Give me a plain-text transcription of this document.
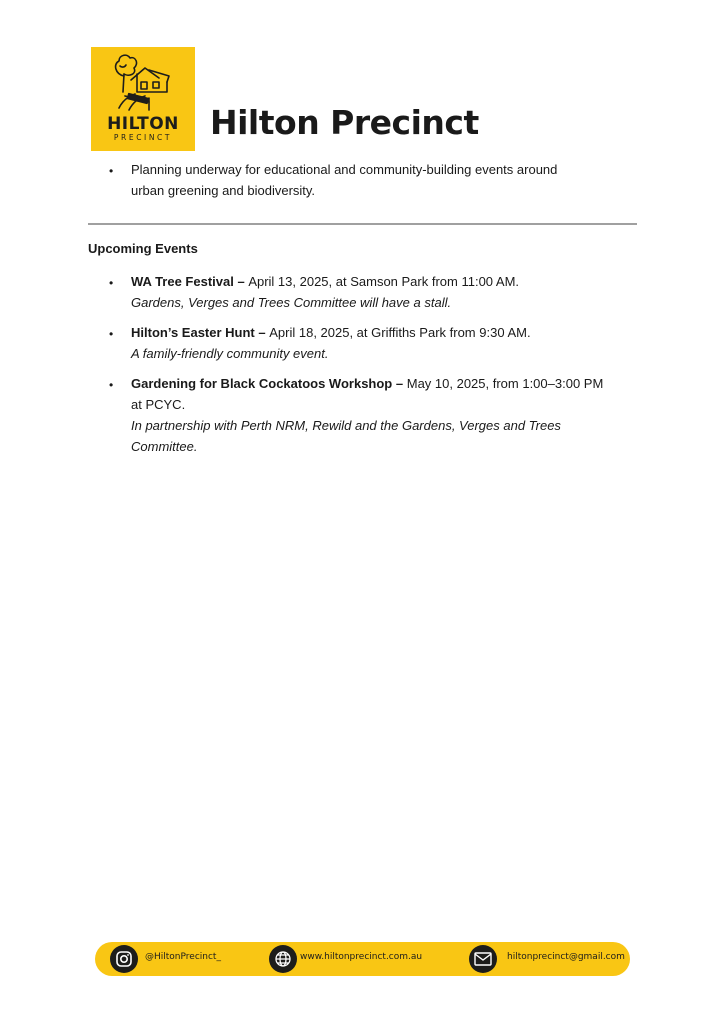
HILTON
PRECINCT	Hilton Precinct
• Planning underway for educational and community-building events around
urban greening and biodiversity.
Upcoming Events
• WA Tree Festival – April 13, 2025, at Samson Park from 11:00 AM.
Gardens, Verges and Trees Committee will have a stall.
• Hilton’s Easter Hunt – April 18, 2025, at Griffiths Park from 9:30 AM.
A family-friendly community event.
• Gardening for Black Cockatoos Workshop – May 10, 2025, from 1:00–3:00 PM
at PCYC.
In partnership with Perth NRM, Rewild and the Gardens, Verges and Trees
Committee.
@HiltonPrecinct_	www.hiltonprecinct.com.au	hiltonprecinct@gmail.com
